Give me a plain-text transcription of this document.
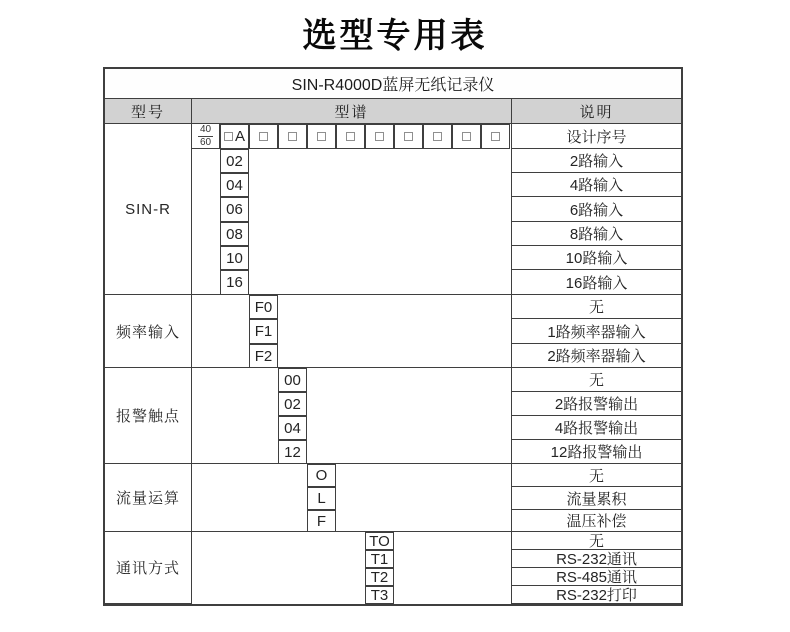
选型专用表
SIN-R4000D蓝屏无纸记录仪
型号	型谱	说明
SIN-R
频率输入
报警触点
流量运算
通讯方式
$\frac{40}{60}$ A
02
04
06
08
10
16
F0
F1
F2
00
02
04
12
O
L
F
TO
T1
T2
T3
设计序号
2路输入
4路输入
6路输入
8路输入
10路输入
16路输入
无
1路频率器输入
2路频率器输入
无
2路报警输出
4路报警输出
12路报警输出
无
流量累积
温压补偿
无
RS-232通讯
RS-485通讯
RS-232打印
